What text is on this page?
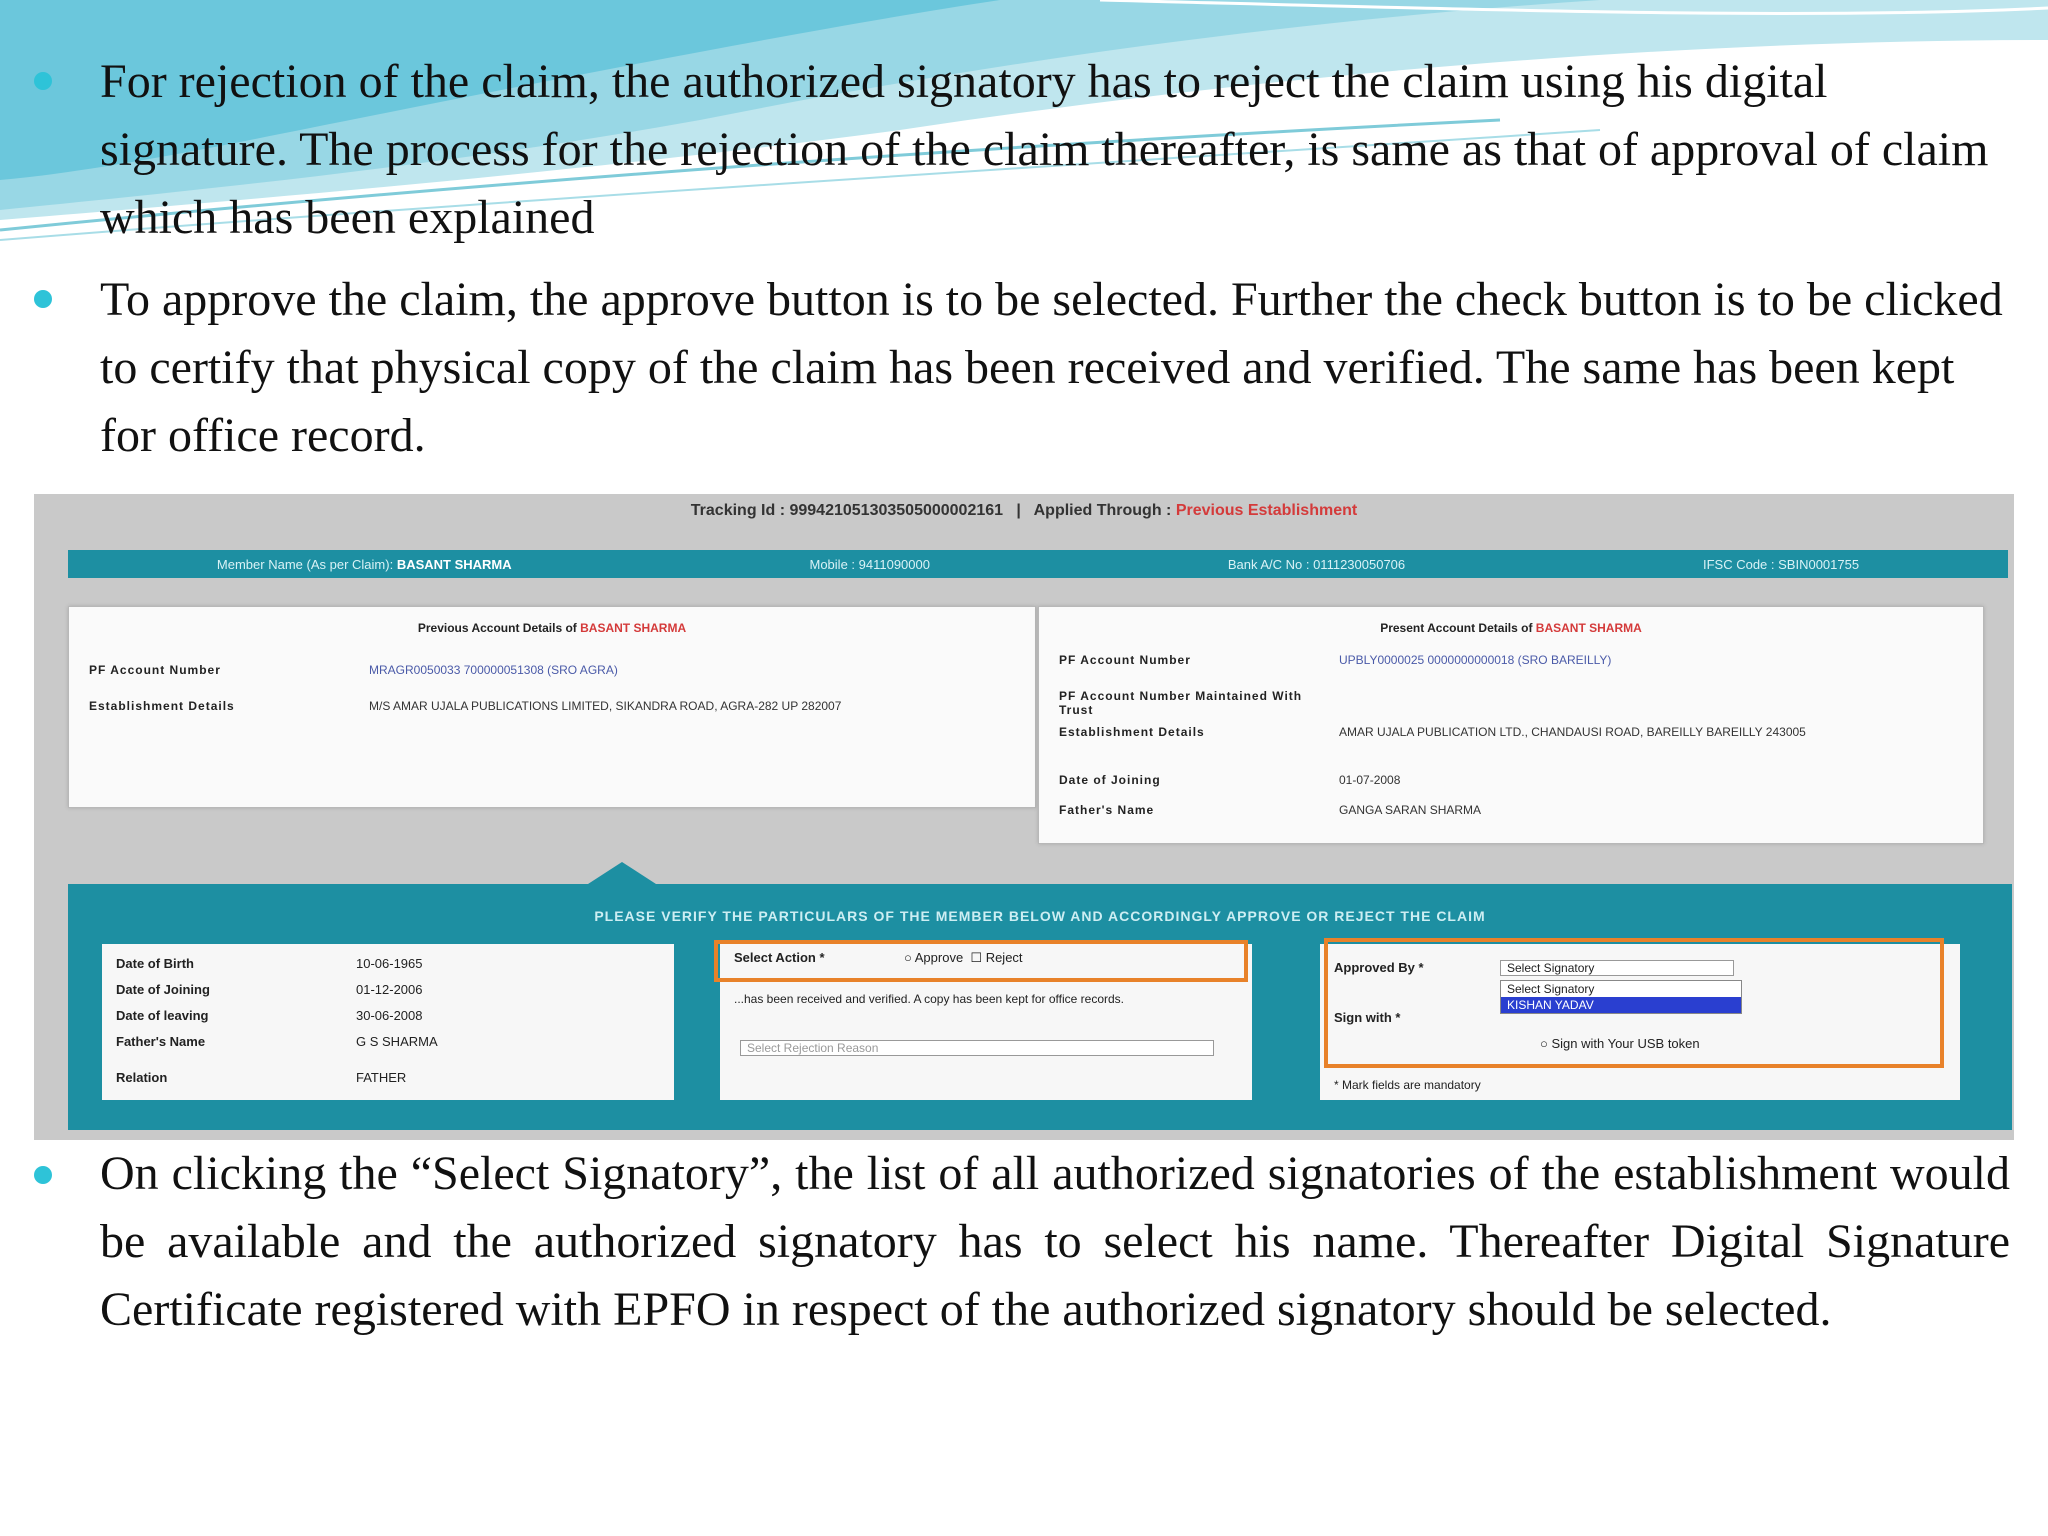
For rejection of the claim, the authorized signatory has to reject the claim using his digital signature. The process for the rejection of the claim thereafter, is same as that of approval of claim which has been explained

To approve the claim, the approve button is to be selected. Further the check button is to be clicked to certify that physical copy of the claim has been received and verified. The same has been kept for office record.

Tracking Id : 999421051303505000002161   |   Applied Through : Previous Establishment
Member Name (As per Claim): BASANT SHARMA	Mobile : 9411090000	Bank A/C No : 0111230050706	IFSC Code : SBIN0001755
Previous Account Details of BASANT SHARMA
PF Account Number	MRAGR0050033 700000051308 (SRO AGRA)
Establishment Details	M/S AMAR UJALA PUBLICATIONS LIMITED, SIKANDRA ROAD, AGRA-282 UP 282007
Present Account Details of BASANT SHARMA
PF Account Number	UPBLY0000025 0000000000018 (SRO BAREILLY)
PF Account Number Maintained With Trust
Establishment Details	AMAR UJALA PUBLICATION LTD., CHANDAUSI ROAD, BAREILLY BAREILLY 243005
Date of Joining	01-07-2008
Father's Name	GANGA SARAN SHARMA
PLEASE VERIFY THE PARTICULARS OF THE MEMBER BELOW AND ACCORDINGLY APPROVE OR REJECT THE CLAIM
Date of Birth	10-06-1965
Date of Joining	01-12-2006
Date of leaving	30-06-2008
Father's Name	G S SHARMA
Relation	FATHER
Select Action *	○ Approve
☐ Reject
...has been received and verified. A copy has been kept for office records.
Select Rejection Reason
Approved By *	Select Signatory
Select Signatory
KISHAN YADAV
Sign with *
○ Sign with Your USB token
* Mark fields are mandatory

On clicking the “Select Signatory”, the list of all authorized signatories of the establishment would be available and the authorized signatory has to select his name. Thereafter Digital Signature Certificate registered with EPFO in respect of the authorized signatory should be selected.
